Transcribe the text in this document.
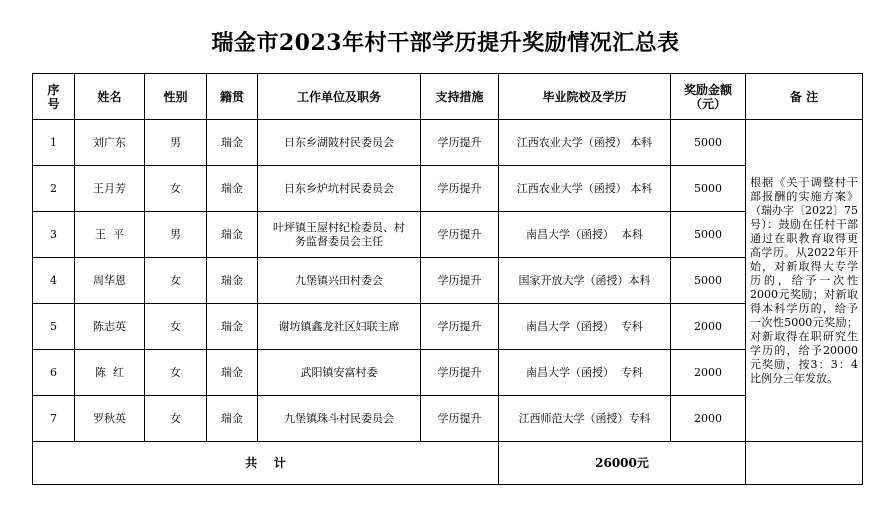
瑞金市2023年村干部学历提升奖励情况汇总表
序号	姓名	性别	籍贯	工作单位及职务	支持措施	毕业院校及学历	奖励金额（元）	备 注
1	刘广东	男	瑞金	日东乡湖陂村民委员会	学历提升	江西农业大学（函授） 本科	5000	根据《关于调整村干部报酬的实施方案》（瑞办字〔2022〕75号）：鼓励在任村干部通过在职教育取得更高学历。从2022年开始，对新取得大专学历的，给予一次性2000元奖励；对新取得本科学历的，给予一次性5000元奖励；对新取得在职研究生学历的，给予20000元奖励，按3：3：4比例分三年发放。
2	王月芳	女	瑞金	日东乡炉坑村民委员会	学历提升	江西农业大学（函授） 本科	5000	
3	王  平	男	瑞金	叶坪镇王屋村纪检委员、村务监督委员会主任	学历提升	南昌大学（函授）  本科	5000	
4	周华恩	女	瑞金	九堡镇兴田村委会	学历提升	国家开放大学（函授）本科	5000	
5	陈志英	女	瑞金	谢坊镇鑫龙社区妇联主席	学历提升	南昌大学（函授）  专科	2000	
6	陈  红	女	瑞金	武阳镇安富村委	学历提升	南昌大学（函授）  专科	2000	
7	罗秋英	女	瑞金	九堡镇珠斗村民委员会	学历提升	江西师范大学（函授）专科	2000	
共    计						26000元		
